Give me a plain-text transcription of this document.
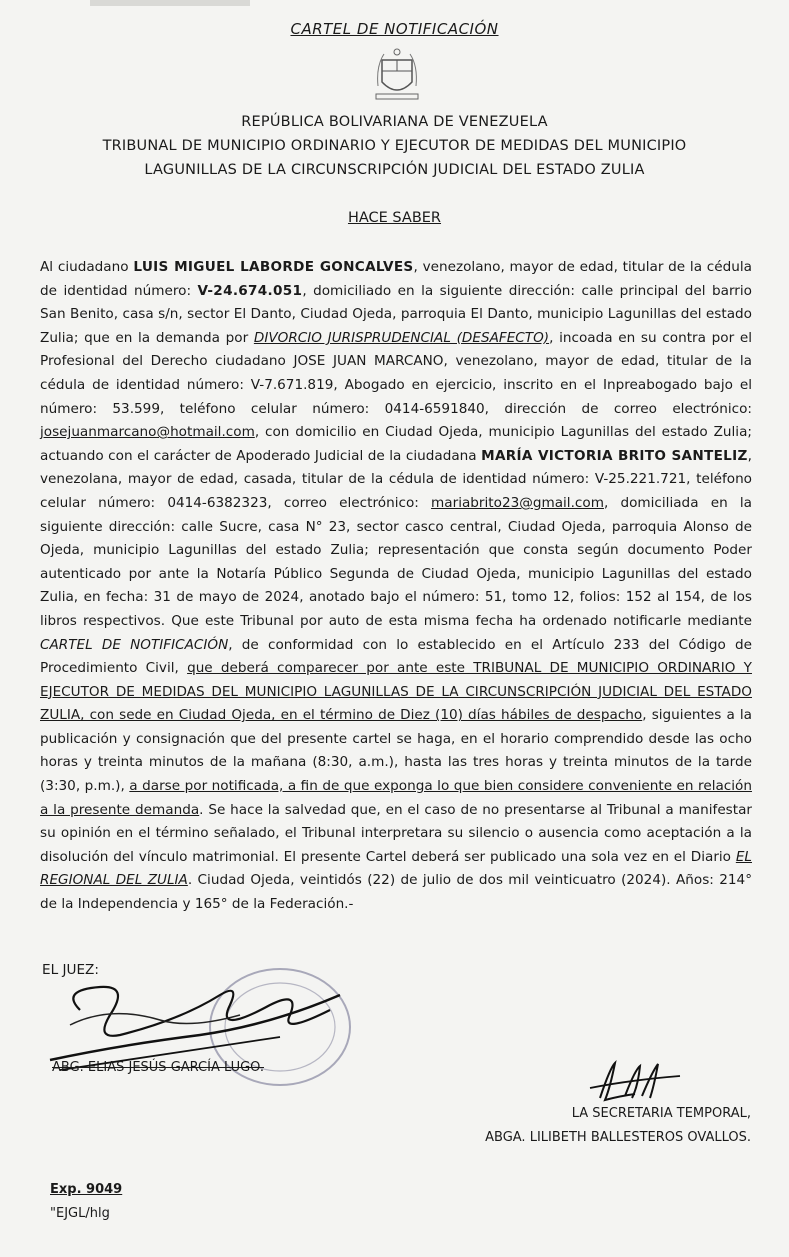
CARTEL DE NOTIFICACIÓN
REPÚBLICA BOLIVARIANA DE VENEZUELA
TRIBUNAL DE MUNICIPIO ORDINARIO Y EJECUTOR DE MEDIDAS DEL MUNICIPIO
LAGUNILLAS DE LA CIRCUNSCRIPCIÓN JUDICIAL DEL ESTADO ZULIA
HACE SABER

Al ciudadano LUIS MIGUEL LABORDE GONCALVES, venezolano, mayor de edad, titular de la cédula de identidad número: V-24.674.051, domiciliado en la siguiente dirección: calle principal del barrio San Benito, casa s/n, sector El Danto, Ciudad Ojeda, parroquia El Danto, municipio Lagunillas del estado Zulia; que en la demanda por DIVORCIO JURISPRUDENCIAL (DESAFECTO), incoada en su contra por el Profesional del Derecho ciudadano JOSE JUAN MARCANO, venezolano, mayor de edad, titular de la cédula de identidad número: V-7.671.819, Abogado en ejercicio, inscrito en el Inpreabogado bajo el número: 53.599, teléfono celular número: 0414-6591840, dirección de correo electrónico: josejuanmarcano@hotmail.com, con domicilio en Ciudad Ojeda, municipio Lagunillas del estado Zulia; actuando con el carácter de Apoderado Judicial de la ciudadana MARÍA VICTORIA BRITO SANTELIZ, venezolana, mayor de edad, casada, titular de la cédula de identidad número: V-25.221.721, teléfono celular número: 0414-6382323, correo electrónico: mariabrito23@gmail.com, domiciliada en la siguiente dirección: calle Sucre, casa N° 23, sector casco central, Ciudad Ojeda, parroquia Alonso de Ojeda, municipio Lagunillas del estado Zulia; representación que consta según documento Poder autenticado por ante la Notaría Público Segunda de Ciudad Ojeda, municipio Lagunillas del estado Zulia, en fecha: 31 de mayo de 2024, anotado bajo el número: 51, tomo 12, folios: 152 al 154, de los libros respectivos. Que este Tribunal por auto de esta misma fecha ha ordenado notificarle mediante CARTEL DE NOTIFICACIÓN, de conformidad con lo establecido en el Artículo 233 del Código de Procedimiento Civil, que deberá comparecer por ante este TRIBUNAL DE MUNICIPIO ORDINARIO Y EJECUTOR DE MEDIDAS DEL MUNICIPIO LAGUNILLAS DE LA CIRCUNSCRIPCIÓN JUDICIAL DEL ESTADO ZULIA, con sede en Ciudad Ojeda, en el término de Diez (10) días hábiles de despacho, siguientes a la publicación y consignación que del presente cartel se haga, en el horario comprendido desde las ocho horas y treinta minutos de la mañana (8:30, a.m.), hasta las tres horas y treinta minutos de la tarde (3:30, p.m.), a darse por notificada, a fin de que exponga lo que bien considere conveniente en relación a la presente demanda. Se hace la salvedad que, en el caso de no presentarse al Tribunal a manifestar su opinión en el término señalado, el Tribunal interpretara su silencio o ausencia como aceptación a la disolución del vínculo matrimonial. El presente Cartel deberá ser publicado una sola vez en el Diario EL REGIONAL DEL ZULIA. Ciudad Ojeda, veintidós (22) de julio de dos mil veinticuatro (2024). Años: 214° de la Independencia y 165° de la Federación.-

EL JUEZ:
ABG. ELIAS JESÚS GARCÍA LUGO.
LA SECRETARIA TEMPORAL,
ABGA. LILIBETH BALLESTEROS OVALLOS.
Exp. 9049
"EJGL/hlg
